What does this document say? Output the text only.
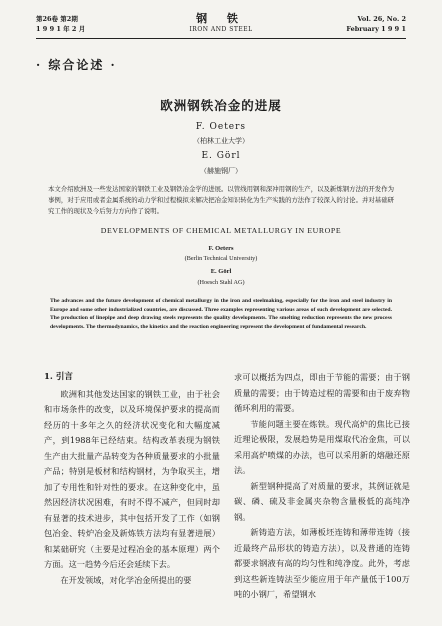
第26卷 第2期
1 9 9 1 年 2 月
钢 铁
IRON AND STEEL
Vol. 26, No. 2
February 1 9 9 1
· 综合论述 ·
欧洲钢铁冶金的进展
F. Oeters
（柏林工业大学）
E. Görl
（赫施钢厂）
本文介绍欧洲及一些发达国家的钢铁工业及钢铁冶金学的进展。以管线用钢和深冲用钢的生产，以及新炼钢方法的开发作为事例，对于应用或者金属系统的动力学和过程模拟来解决把冶金知识转化为生产实践的方法作了较深入的讨论。并对基础研究工作的现状及今后努力方向作了说明。
DEVELOPMENTS OF CHEMICAL METALLURGY IN EUROPE
F. Oeters
(Berlin Technical University)
E. Görl
(Hoesch Stahl AG)
The advances and the future development of chemical metallurgy in the iron and steelmaking, especially for the iron and steel industry in Europe and some other industrialized countries, are discussed. Three examples representing various areas of such development are selected. The production of linepipe and deep drawing steels represents the quality developments. The smelting reduction represents the new process developments. The thermodynamics, the kinetics and the reaction engineering represent the development of fundamental research.
1. 引言

欧洲和其他发达国家的钢铁工业，由于社会和市场条件的改变，以及环境保护要求的提高而经历的十多年之久的经济状况变化和大幅度减产，到1988年已经结束。结构改革表现为钢铁生产由大批量产品转变为各种质量要求的小批量产品；特别是板材和结构钢材，为争取买主，增加了专用性和针对性的要求。在这种变化中，虽然因经济状况困难，有时不得不减产，但同时却有显著的技术进步，其中包括开发了工作（如钢包冶金、转炉冶金及新炼铁方法均有显著进展）和某础研究（主要是过程冶金的基本原理）两个方面。这一趋势今后还会延续下去。

在开发领域，对化学冶金所提出的要

求可以概括为四点，即由于节能的需要；由于钢质量的需要；由于铸造过程的需要和由于废弃物循环利用的需要。

节能问题主要在炼铁。现代高炉的焦比已接近理论极限，发展趋势是用煤取代冶金焦，可以采用高炉喷煤的办法，也可以采用新的熔融还原法。

新型钢种提高了对质量的要求，其例证就是碳、磷、硫及非金属夹杂物含量极低的高纯净钢。

新铸造方法，如薄板坯连铸和薄带连铸（接近最终产品形状的铸造方法），以及普通的连铸都要求钢液有高的均匀性和纯净度。此外，考虑到这些新连铸法至少能应用于年产量低于100万吨的小钢厂，希望钢水
